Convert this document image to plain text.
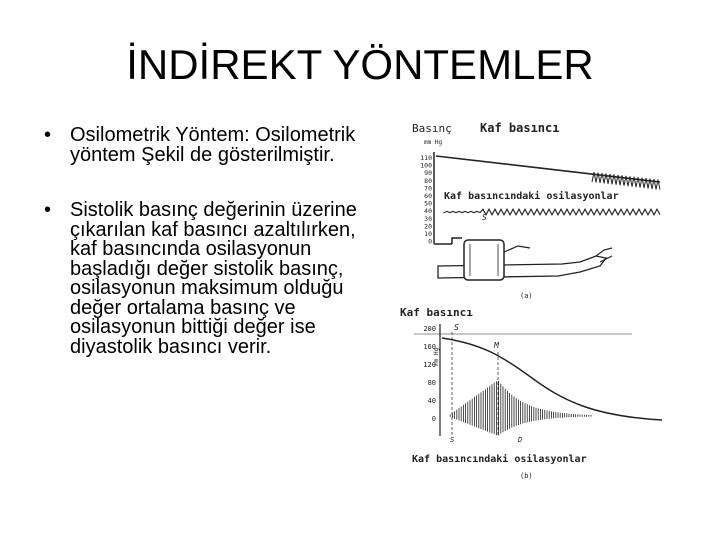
İNDİREKT YÖNTEMLER
• Osilometrik Yöntem: Osilometrik yöntem Şekil de gösterilmiştir.
• Sistolik basınç değerinin üzerine çıkarılan kaf basıncı azaltılırken, kaf basıncında osilasyonun başladığı değer sistolik basınç, osilasyonun maksimum olduğu değer ortalama basınç ve osilasyonun bittiği değer ise diyastolik basıncı verir.
Basınç Kaf basıncı
mm Hg
110
100
90
80
70
60
50
40
30
20
10
0
Kaf basıncındaki osilasyonlar
S
(a)
Kaf basıncı
200
160
120
80
40
0
mm Hg
S
M
S	D
Kaf basıncındaki osilasyonlar
(b)
